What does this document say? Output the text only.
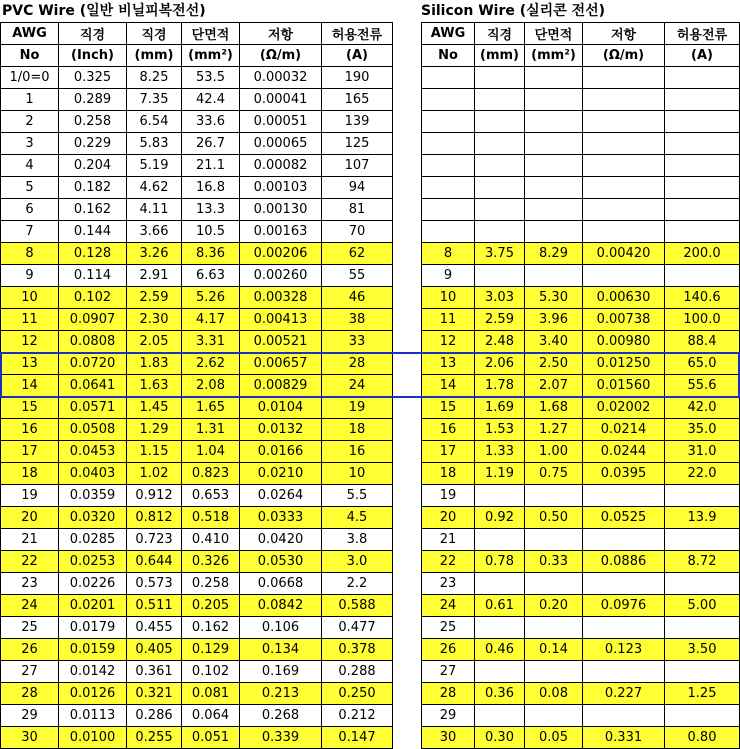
PVC Wire (일반 비닐피복전선)
AWG	직경	직경	단면적	저항	허용전류
No	(Inch)	(mm)	(mm²)	(Ω/m)	(A)
1/0=0	0.325	8.25	53.5	0.00032	190
1	0.289	7.35	42.4	0.00041	165
2	0.258	6.54	33.6	0.00051	139
3	0.229	5.83	26.7	0.00065	125
4	0.204	5.19	21.1	0.00082	107
5	0.182	4.62	16.8	0.00103	94
6	0.162	4.11	13.3	0.00130	81
7	0.144	3.66	10.5	0.00163	70
8	0.128	3.26	8.36	0.00206	62
9	0.114	2.91	6.63	0.00260	55
10	0.102	2.59	5.26	0.00328	46
11	0.0907	2.30	4.17	0.00413	38
12	0.0808	2.05	3.31	0.00521	33
13	0.0720	1.83	2.62	0.00657	28
14	0.0641	1.63	2.08	0.00829	24
15	0.0571	1.45	1.65	0.0104	19
16	0.0508	1.29	1.31	0.0132	18
17	0.0453	1.15	1.04	0.0166	16
18	0.0403	1.02	0.823	0.0210	10
19	0.0359	0.912	0.653	0.0264	5.5
20	0.0320	0.812	0.518	0.0333	4.5
21	0.0285	0.723	0.410	0.0420	3.8
22	0.0253	0.644	0.326	0.0530	3.0
23	0.0226	0.573	0.258	0.0668	2.2
24	0.0201	0.511	0.205	0.0842	0.588
25	0.0179	0.455	0.162	0.106	0.477
26	0.0159	0.405	0.129	0.134	0.378
27	0.0142	0.361	0.102	0.169	0.288
28	0.0126	0.321	0.081	0.213	0.250
29	0.0113	0.286	0.064	0.268	0.212
30	0.0100	0.255	0.051	0.339	0.147
Silicon Wire (실리콘 전선)
AWG	직경	단면적	저항	허용전류
No	(mm)	(mm²)	(Ω/m)	(A)

8	3.75	8.29	0.00420	200.0
9				
10	3.03	5.30	0.00630	140.6
11	2.59	3.96	0.00738	100.0
12	2.48	3.40	0.00980	88.4
13	2.06	2.50	0.01250	65.0
14	1.78	2.07	0.01560	55.6
15	1.69	1.68	0.02002	42.0
16	1.53	1.27	0.0214	35.0
17	1.33	1.00	0.0244	31.0
18	1.19	0.75	0.0395	22.0
19				
20	0.92	0.50	0.0525	13.9
21				
22	0.78	0.33	0.0886	8.72
23				
24	0.61	0.20	0.0976	5.00
25				
26	0.46	0.14	0.123	3.50
27				
28	0.36	0.08	0.227	1.25
29				
30	0.30	0.05	0.331	0.80
